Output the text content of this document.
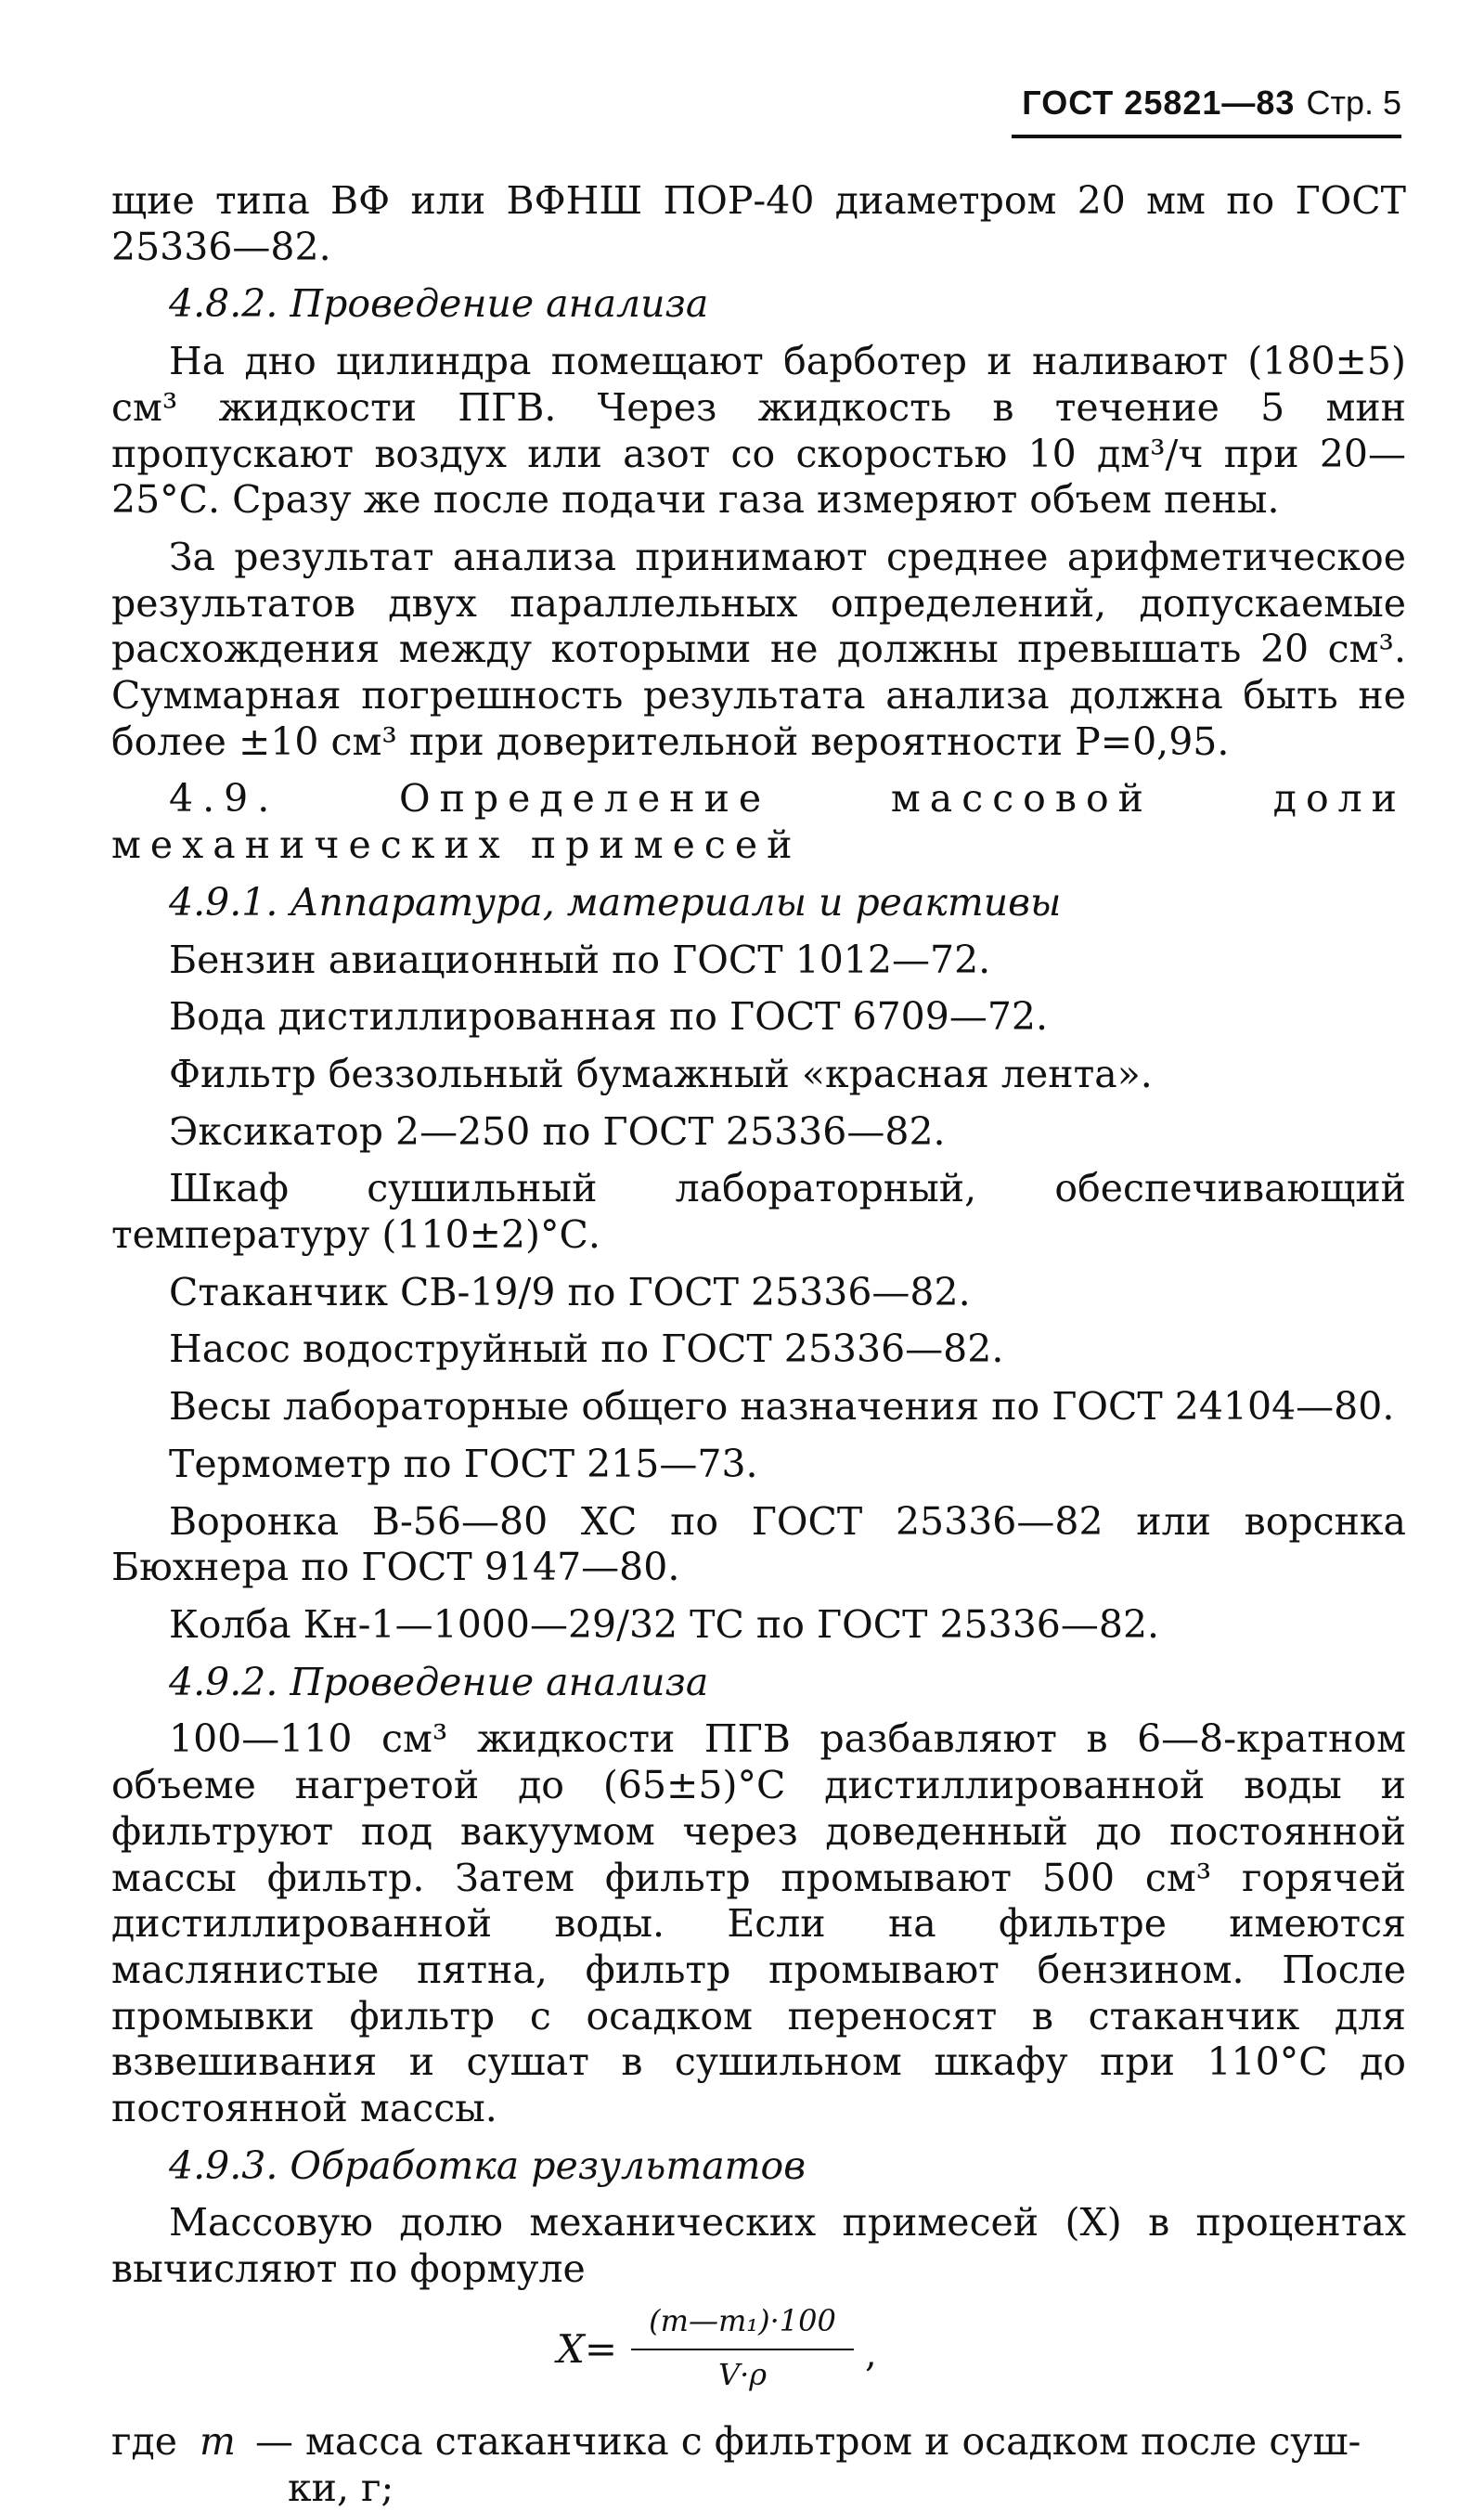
ГОСТ 25821—83 Стр. 5

щие типа ВФ или ВФНШ ПОР-40 диаметром 20 мм по ГОСТ 25336—82.

4.8.2. Проведение анализа

На дно цилиндра помещают барботер и наливают (180±5) см³ жидкости ПГВ. Через жидкость в течение 5 мин пропускают воздух или азот со скоростью 10 дм³/ч при 20—25°С. Сразу же после подачи газа измеряют объем пены.

За результат анализа принимают среднее арифметическое результатов двух параллельных определений, допускаемые расхождения между которыми не должны превышать 20 см³. Суммарная погрешность результата анализа должна быть не более ±10 см³ при доверительной вероятности P=0,95.

4.9. Определение массовой доли механических примесей

4.9.1. Аппаратура, материалы и реактивы

Бензин авиационный по ГОСТ 1012—72.
Вода дистиллированная по ГОСТ 6709—72.
Фильтр беззольный бумажный «красная лента».
Эксикатор 2—250 по ГОСТ 25336—82.

Шкаф сушильный лабораторный, обеспечивающий температуру (110±2)°С.

Стаканчик СВ-19/9 по ГОСТ 25336—82.
Насос водоструйный по ГОСТ 25336—82.
Весы лабораторные общего назначения по ГОСТ 24104—80.
Термометр по ГОСТ 215—73.

Воронка В-56—80 ХС по ГОСТ 25336—82 или ворснка Бюхнера по ГОСТ 9147—80.

Колба Кн-1—1000—29/32 ТС по ГОСТ 25336—82.

4.9.2. Проведение анализа

100—110 см³ жидкости ПГВ разбавляют в 6—8-кратном объеме нагретой до (65±5)°С дистиллированной воды и фильтруют под вакуумом через доведенный до постоянной массы фильтр. Затем фильтр промывают 500 см³ горячей дистиллированной воды. Если на фильтре имеются маслянистые пятна, фильтр промывают бензином. После промывки фильтр с осадком переносят в стаканчик для взвешивания и сушат в сушильном шкафу при 110°С до постоянной массы.

4.9.3. Обработка результатов

Массовую долю механических примесей (X) в процентах вычисляют по формуле

X=
(m—m₁)·100
V·ρ	,
где m — масса стаканчика с фильтром и осадком после суш-
ки, г;
